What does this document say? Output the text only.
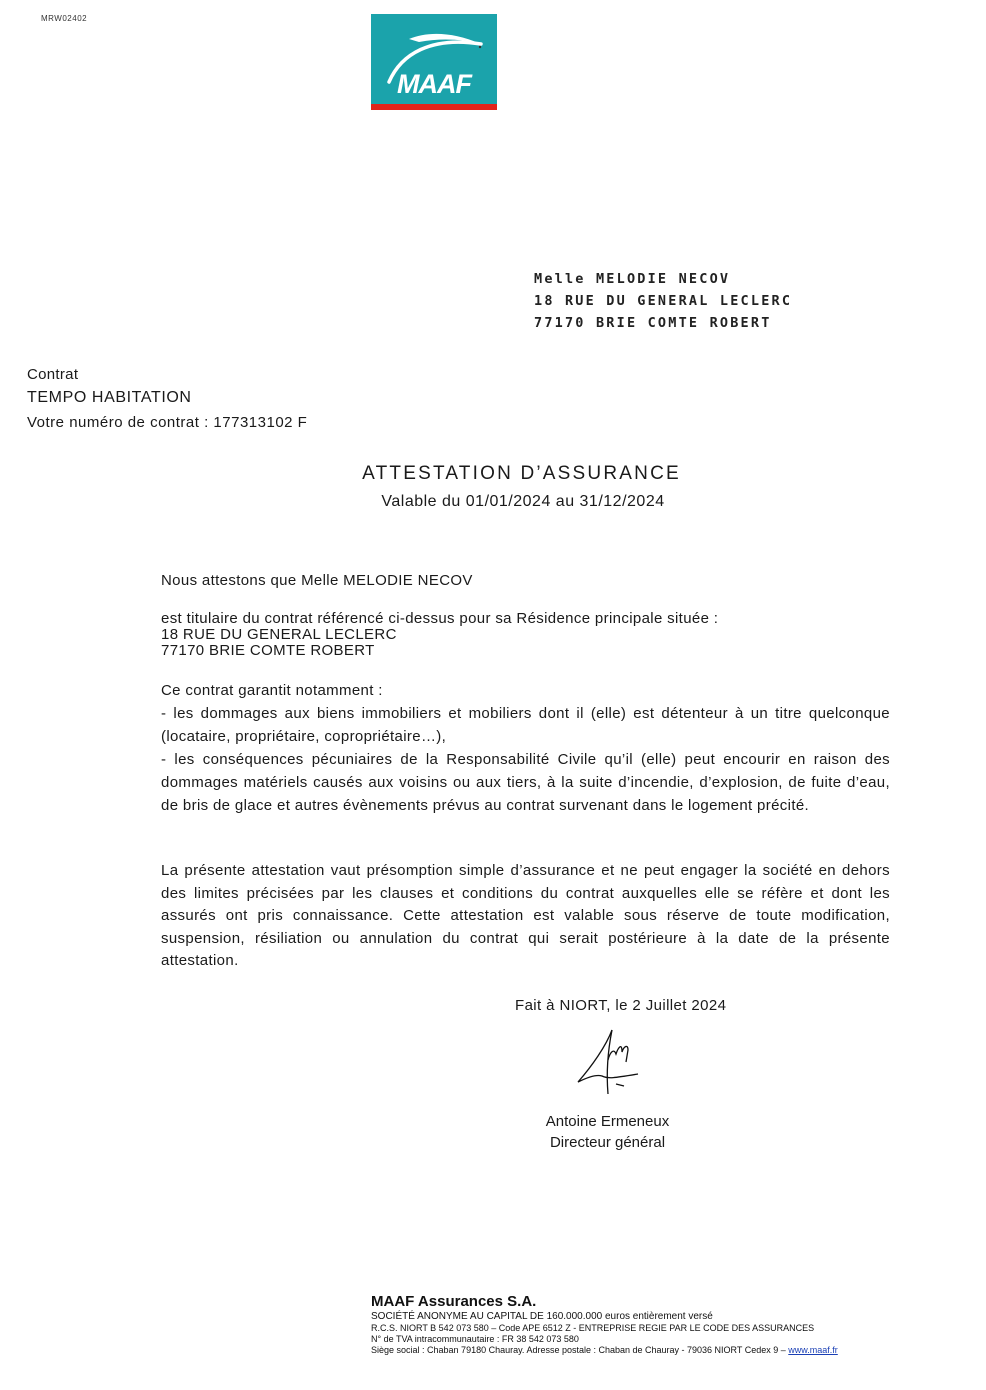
MRW02402
MAAF
Melle MELODIE NECOV
18 RUE DU GENERAL LECLERC
77170 BRIE COMTE ROBERT
Contrat
TEMPO HABITATION
Votre numéro de contrat : 177313102 F
ATTESTATION D’ASSURANCE
Valable du 01/01/2024 au 31/12/2024
Nous attestons que Melle MELODIE NECOV
est titulaire du contrat référencé ci-dessus pour sa Résidence principale située :
18 RUE DU GENERAL LECLERC
77170 BRIE COMTE ROBERT
Ce contrat garantit notamment :
- les dommages aux biens immobiliers et mobiliers dont il (elle) est détenteur à un titre quelconque (locataire, propriétaire, copropriétaire…),
- les conséquences pécuniaires de la Responsabilité Civile qu’il (elle) peut encourir en raison des dommages matériels causés aux voisins ou aux tiers, à la suite d’incendie, d’explosion, de fuite d’eau, de bris de glace et autres évènements prévus au contrat survenant dans le logement précité.
La présente attestation vaut présomption simple d’assurance et ne peut engager la société en dehors des limites précisées par les clauses et conditions du contrat auxquelles elle se réfère et dont les assurés ont pris connaissance. Cette attestation est valable sous réserve de toute modification, suspension, résiliation ou annulation du contrat qui serait postérieure à la date de la présente attestation.
Fait à NIORT, le 2 Juillet 2024
Antoine Ermeneux
Directeur général
MAAF Assurances S.A.
SOCIÉTÉ ANONYME AU CAPITAL DE 160.000.000 euros entièrement versé
R.C.S. NIORT B 542 073 580 – Code APE 6512 Z - ENTREPRISE REGIE PAR LE CODE DES ASSURANCES
N° de TVA intracommunautaire : FR 38 542 073 580
Siège social : Chaban 79180 Chauray. Adresse postale : Chaban de Chauray - 79036 NIORT Cedex 9 – www.maaf.fr
